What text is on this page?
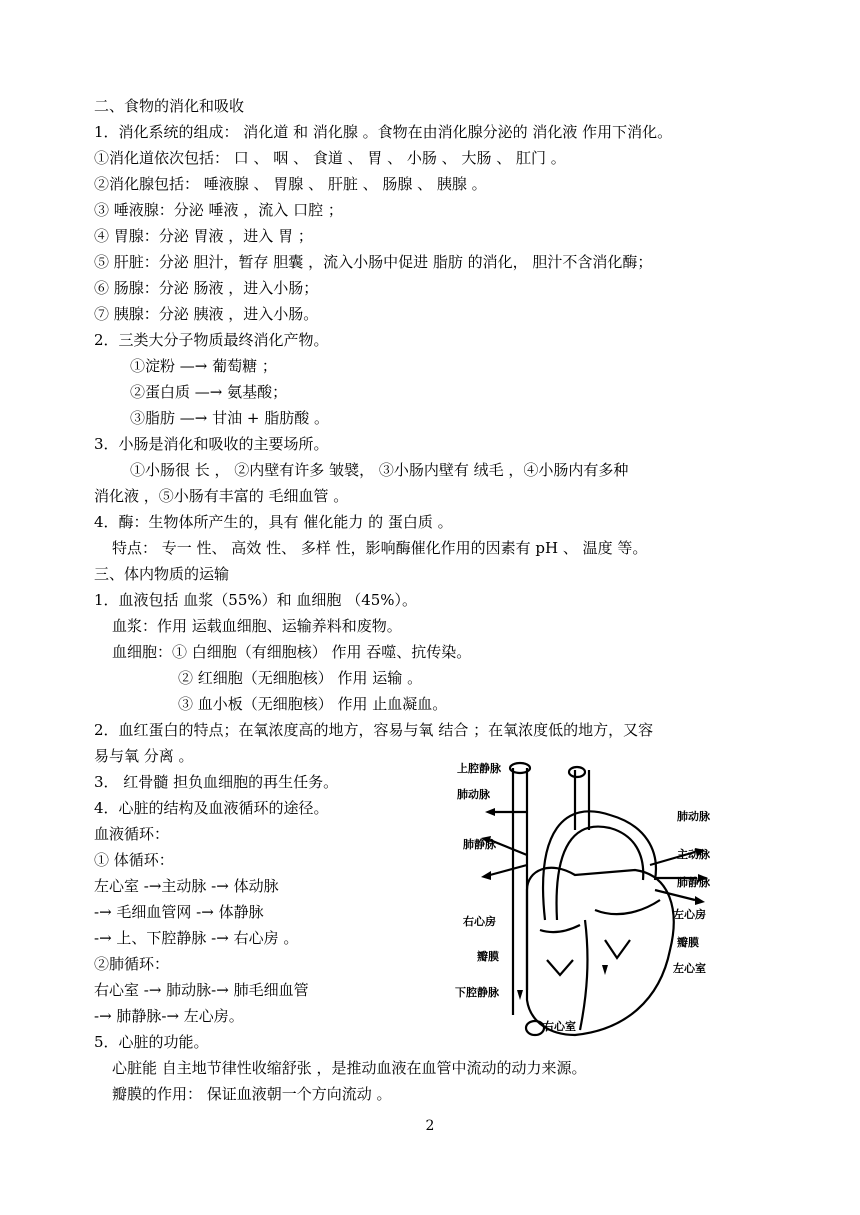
二、食物的消化和吸收
1．消化系统的组成： 消化道 和 消化腺 。食物在由消化腺分泌的 消化液 作用下消化。
①消化道依次包括： 口 、 咽 、 食道 、 胃 、 小肠 、 大肠 、 肛门 。
②消化腺包括： 唾液腺 、 胃腺 、 肝脏 、 肠腺 、 胰腺 。
③ 唾液腺：分泌 唾液 ，流入 口腔 ；
④ 胃腺：分泌 胃液 ，进入 胃 ；
⑤ 肝脏：分泌 胆汁，暂存 胆囊 ，流入小肠中促进 脂肪 的消化， 胆汁不含消化酶；
⑥ 肠腺：分泌 肠液 ，进入小肠；
⑦ 胰腺：分泌 胰液 ，进入小肠。
2．三类大分子物质最终消化产物。
①淀粉 —→ 葡萄糖 ；
②蛋白质 —→ 氨基酸；
③脂肪 —→ 甘油 + 脂肪酸 。
3．小肠是消化和吸收的主要场所。
①小肠很 长 ， ②内壁有许多 皱襞， ③小肠内壁有 绒毛 ，④小肠内有多种
消化液 ，⑤小肠有丰富的 毛细血管 。
4．酶：生物体所产生的，具有 催化能力 的 蛋白质 。
特点： 专一 性、 高效 性、 多样 性，影响酶催化作用的因素有 pH 、 温度 等。
三、体内物质的运输
1．血液包括 血浆（55%）和 血细胞 （45%）。
血浆：作用 运载血细胞、运输养料和废物。
血细胞：① 白细胞（有细胞核） 作用 吞噬、抗传染。
② 红细胞（无细胞核） 作用 运输 。
③ 血小板（无细胞核） 作用 止血凝血。
2．血红蛋白的特点；在氧浓度高的地方，容易与氧 结合 ；在氧浓度低的地方，又容
易与氧 分离 。
3． 红骨髓 担负血细胞的再生任务。
4．心脏的结构及血液循环的途径。
血液循环：
① 体循环：
左心室 -→主动脉 -→ 体动脉
-→ 毛细血管网 -→ 体静脉
-→ 上、下腔静脉 -→ 右心房 。
②肺循环：
右心室 -→ 肺动脉-→ 肺毛细血管
-→ 肺静脉-→ 左心房。
5．心脏的功能。
心脏能 自主地节律性收缩舒张 ，是推动血液在血管中流动的动力来源。
瓣膜的作用： 保证血液朝一个方向流动 。
上腔静脉
肺动脉
肺静脉
右心房
瓣膜
下腔静脉
右心室
肺动脉
主动脉
肺静脉
左心房
瓣膜
左心室
2
